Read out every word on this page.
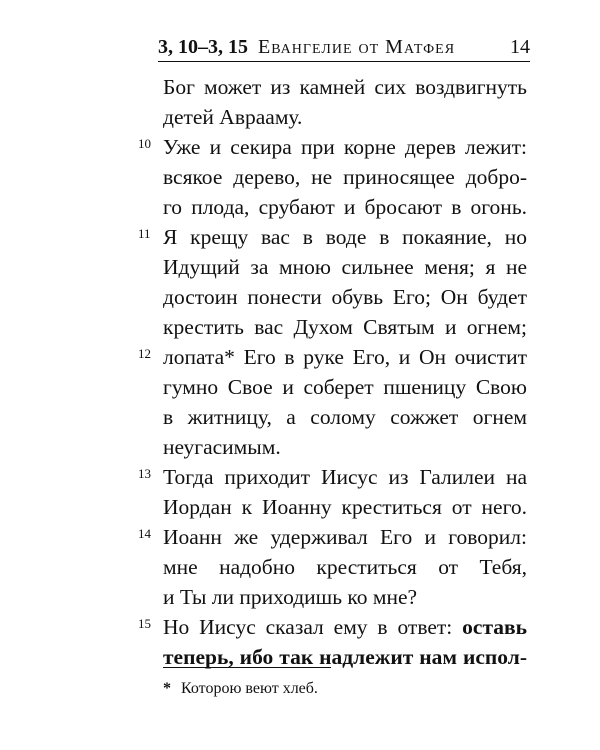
3, 10–3, 15 Евангелие от Матфея	14
Бог может из камней сих воздвигнуть
детей Аврааму.
10 Уже и секира при корне дерев лежит:
всякое дерево, не приносящее добро-
го плода, срубают и бросают в огонь.
11 Я крещу вас в воде в покаяние, но
Идущий за мною сильнее меня; я не
достоин понести обувь Его; Он будет
крестить вас Духом Святым и огнем;
12 лопата* Его в руке Его, и Он очистит
гумно Свое и соберет пшеницу Свою
в житницу, а солому сожжет огнем
неугасимым.
13 Тогда приходит Иисус из Галилеи на
Иордан к Иоанну креститься от него.
14 Иоанн же удерживал Его и говорил:
мне надобно креститься от Тебя,
и Ты ли приходишь ко мне?
15 Но Иисус сказал ему в ответ: оставь
теперь, ибо так надлежит нам испол-
* Которою веют хлеб.
